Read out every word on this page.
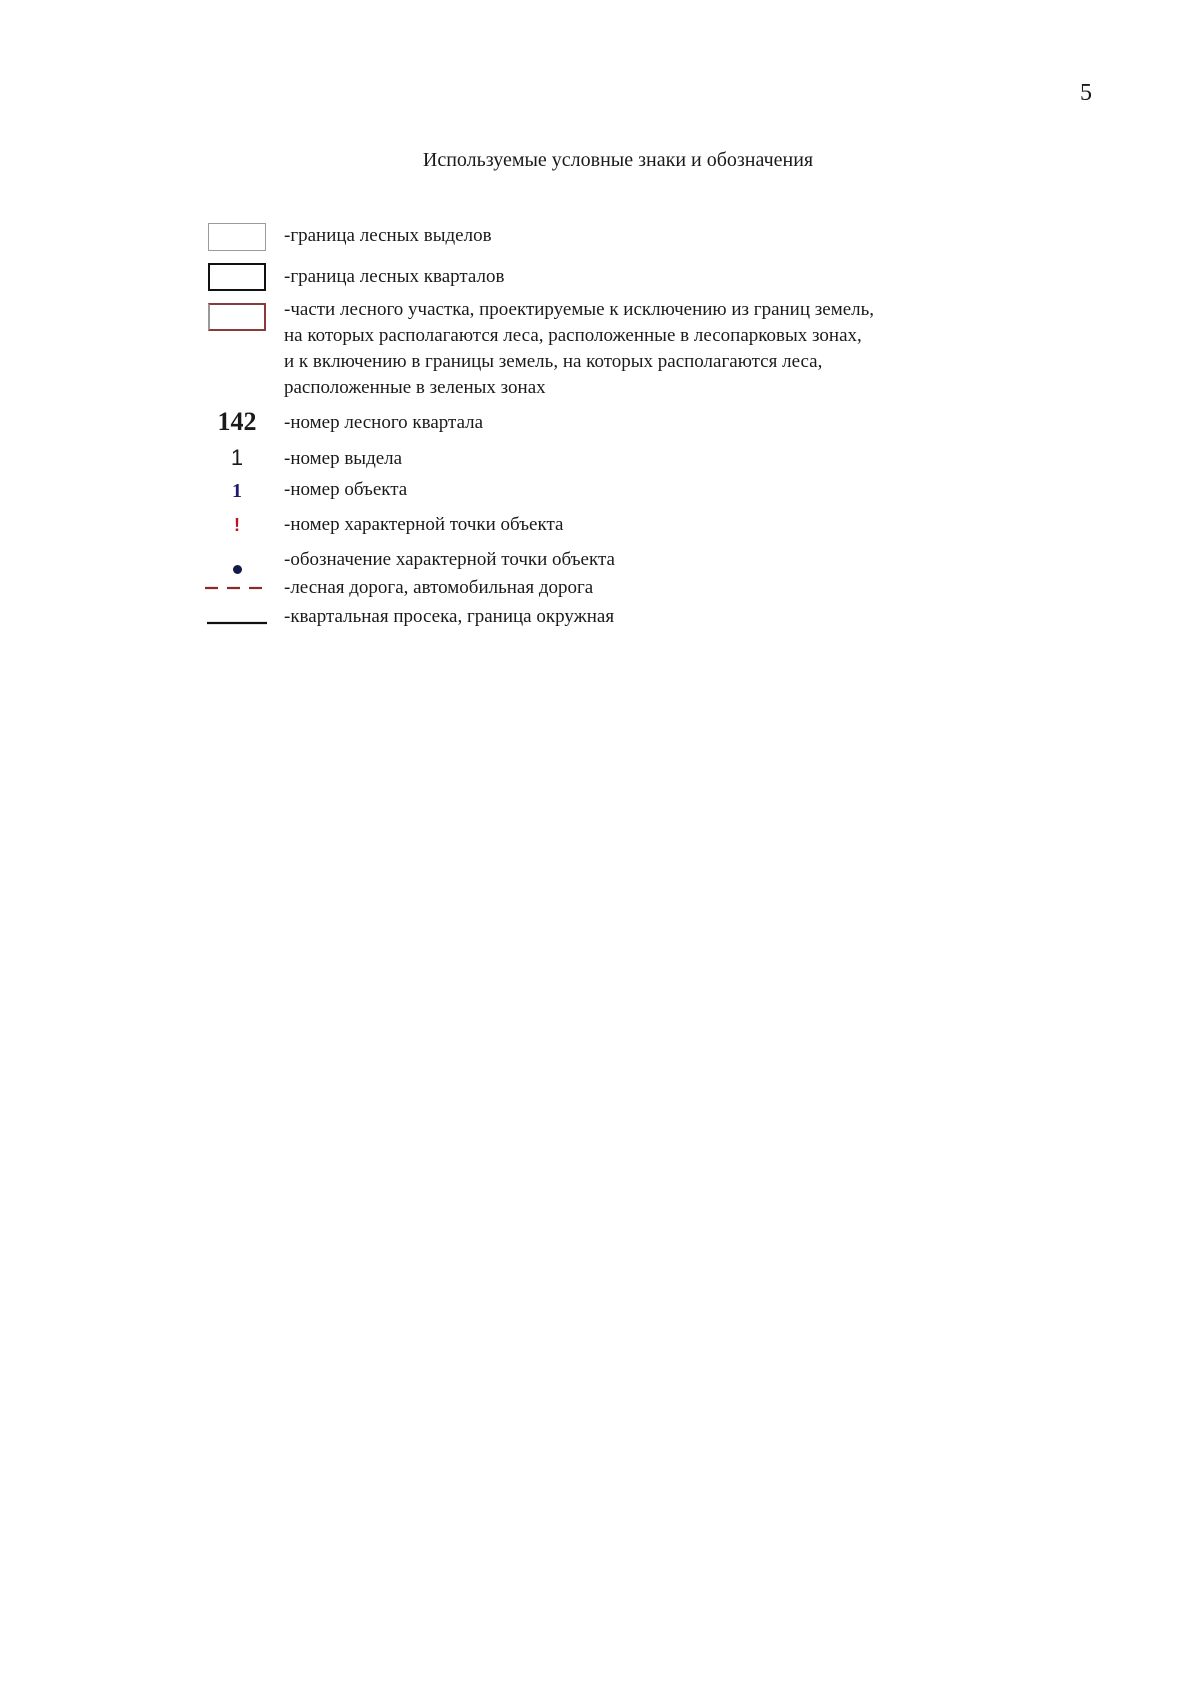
5
Используемые условные знаки и обозначения
-граница лесных выделов
-граница лесных кварталов
-части лесного участка, проектируемые к исключению из границ земель,
на которых располагаются леса, расположенные в лесопарковых зонах,
и к включению в границы земель, на которых располагаются леса,
расположенные в зеленых зонах
142 -номер лесного квартала
1 -номер выдела
1 -номер объекта
! -номер характерной точки объекта
-обозначение характерной точки объекта
-лесная дорога, автомобильная дорога
-квартальная просека, граница окружная
